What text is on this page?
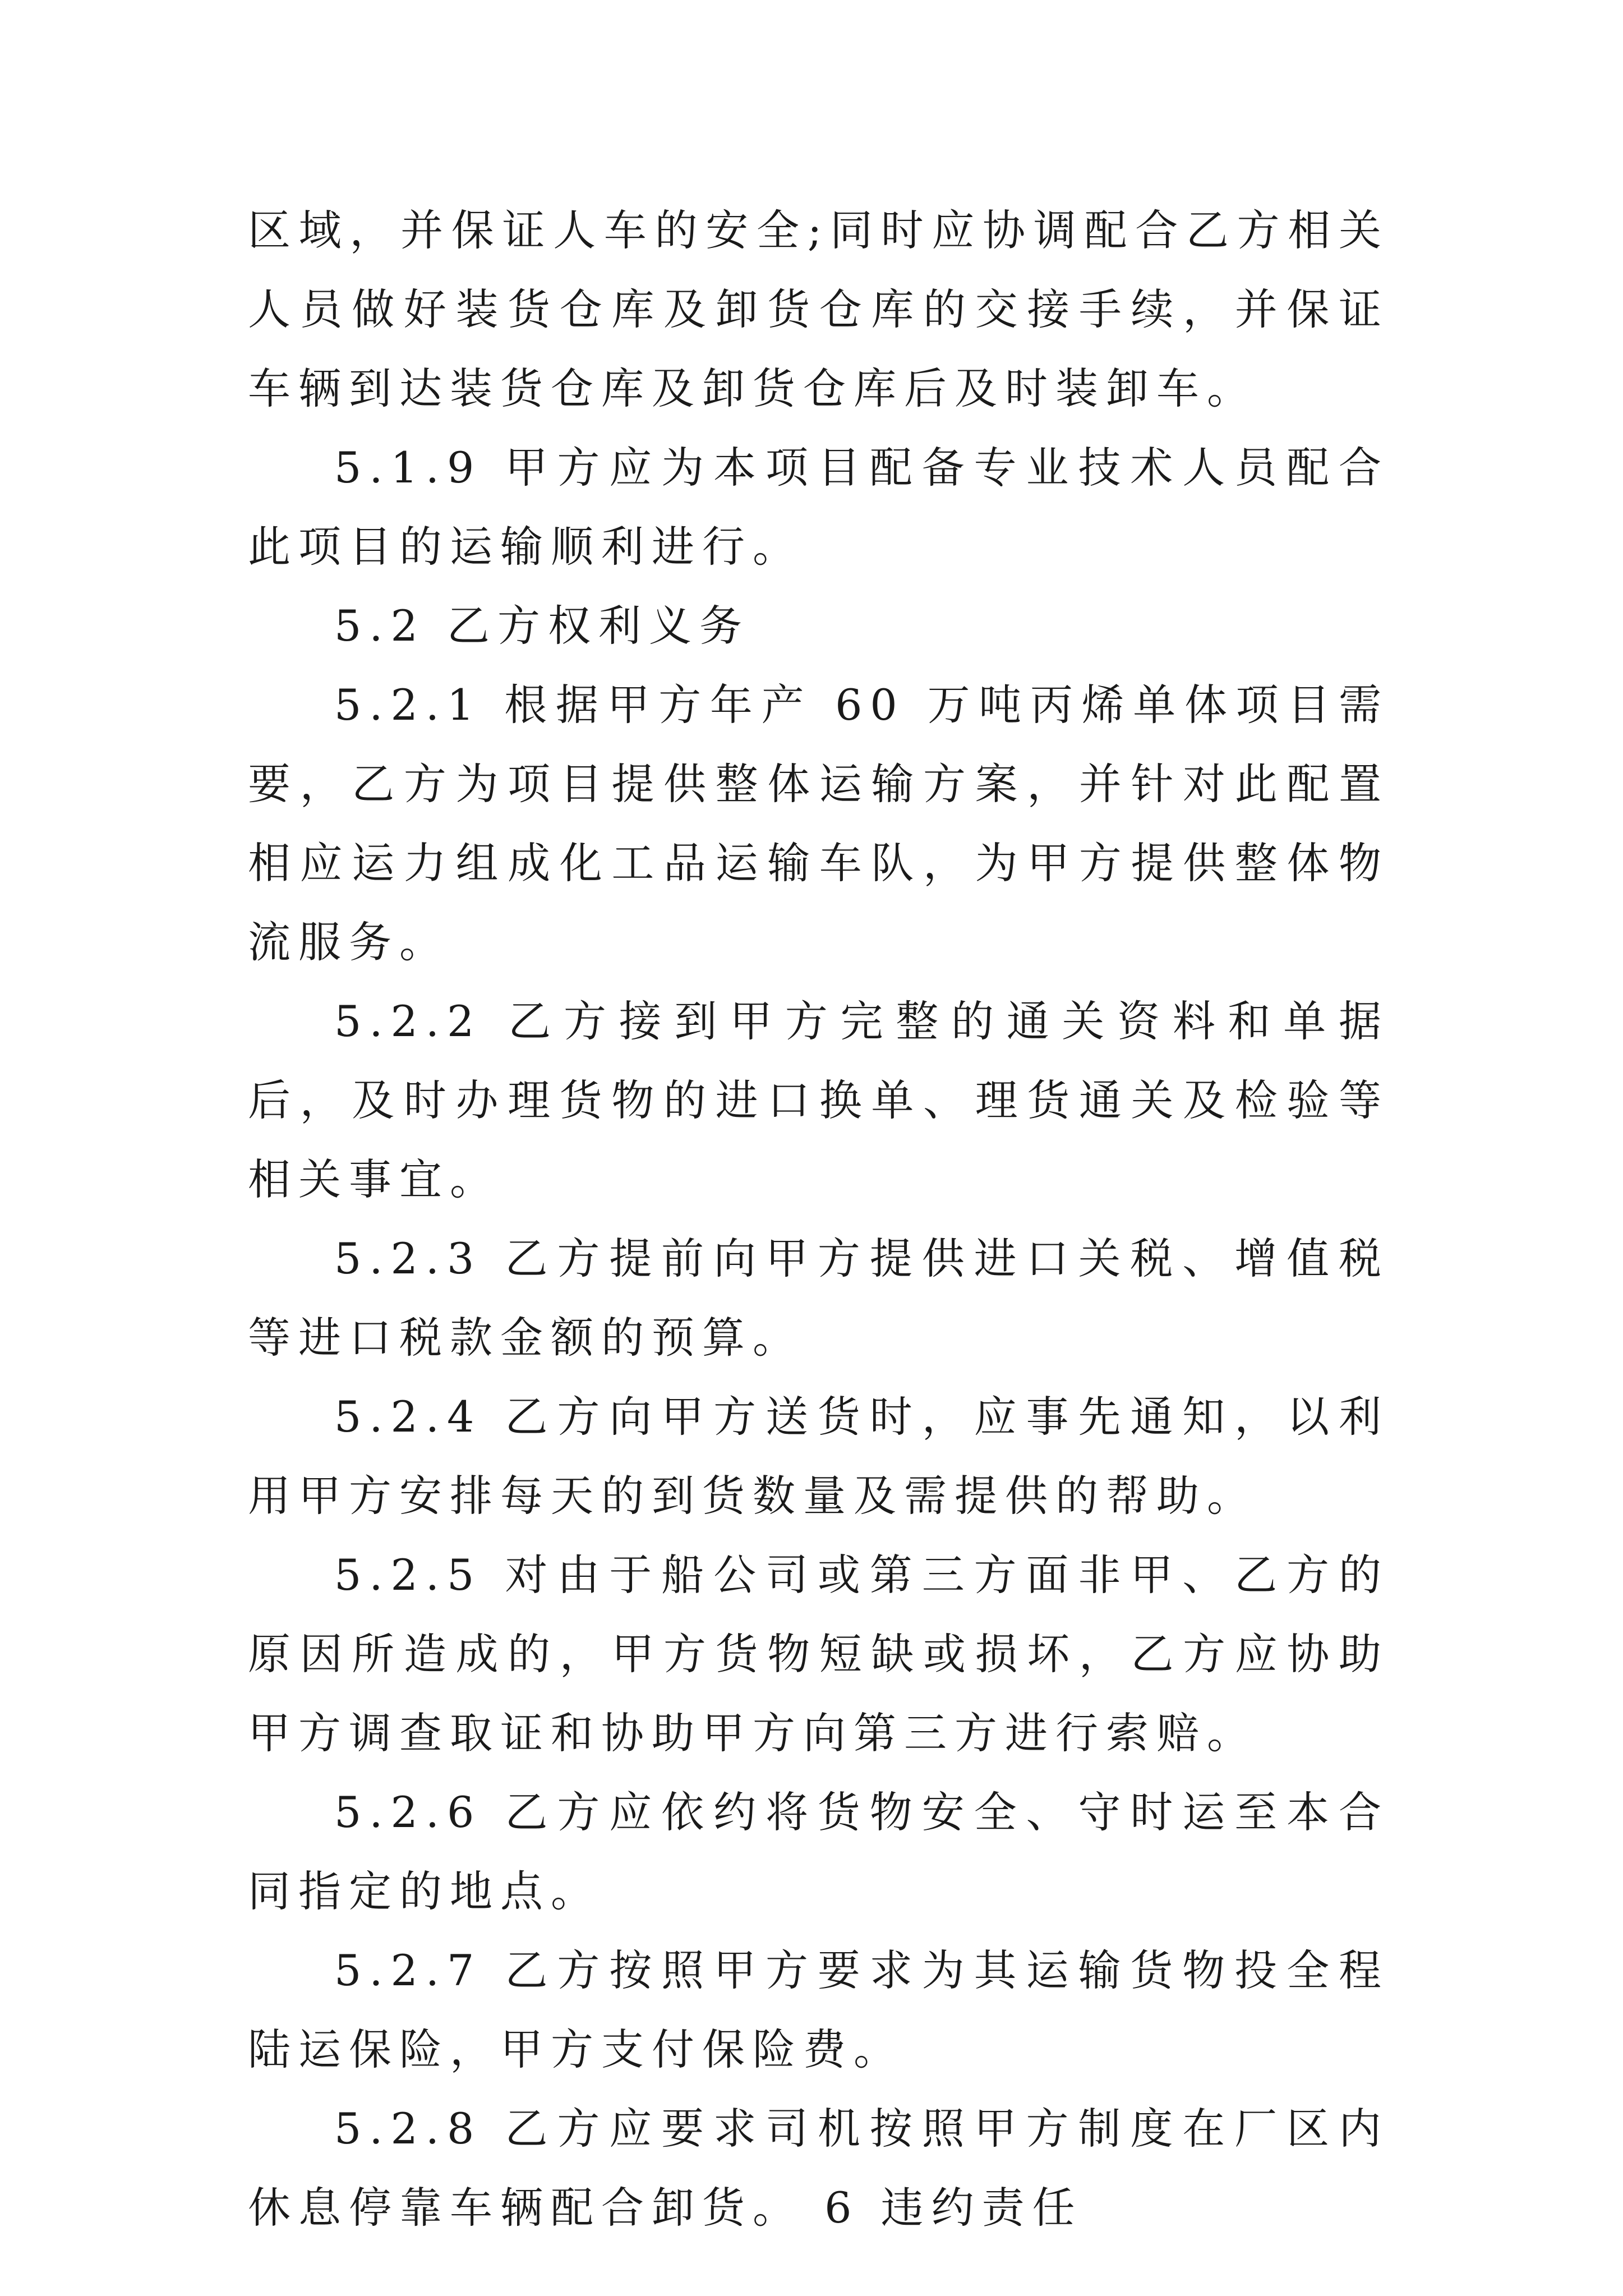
区域，并保证人车的安全;同时应协调配合乙方相关人员做好装货仓库及卸货仓库的交接手续，并保证车辆到达装货仓库及卸货仓库后及时装卸车。

5.1.9 甲方应为本项目配备专业技术人员配合此项目的运输顺利进行。

5.2 乙方权利义务

5.2.1 根据甲方年产 60 万吨丙烯单体项目需要，乙方为项目提供整体运输方案，并针对此配置相应运力组成化工品运输车队，为甲方提供整体物流服务。

5.2.2 乙方接到甲方完整的通关资料和单据后，及时办理货物的进口换单、理货通关及检验等相关事宜。

5.2.3 乙方提前向甲方提供进口关税、增值税等进口税款金额的预算。

5.2.4 乙方向甲方送货时，应事先通知，以利用甲方安排每天的到货数量及需提供的帮助。

5.2.5 对由于船公司或第三方面非甲、乙方的原因所造成的，甲方货物短缺或损坏，乙方应协助甲方调查取证和协助甲方向第三方进行索赔。

5.2.6 乙方应依约将货物安全、守时运至本合同指定的地点。

5.2.7 乙方按照甲方要求为其运输货物投全程陆运保险，甲方支付保险费。

5.2.8 乙方应要求司机按照甲方制度在厂区内休息停靠车辆配合卸货。 6 违约责任
